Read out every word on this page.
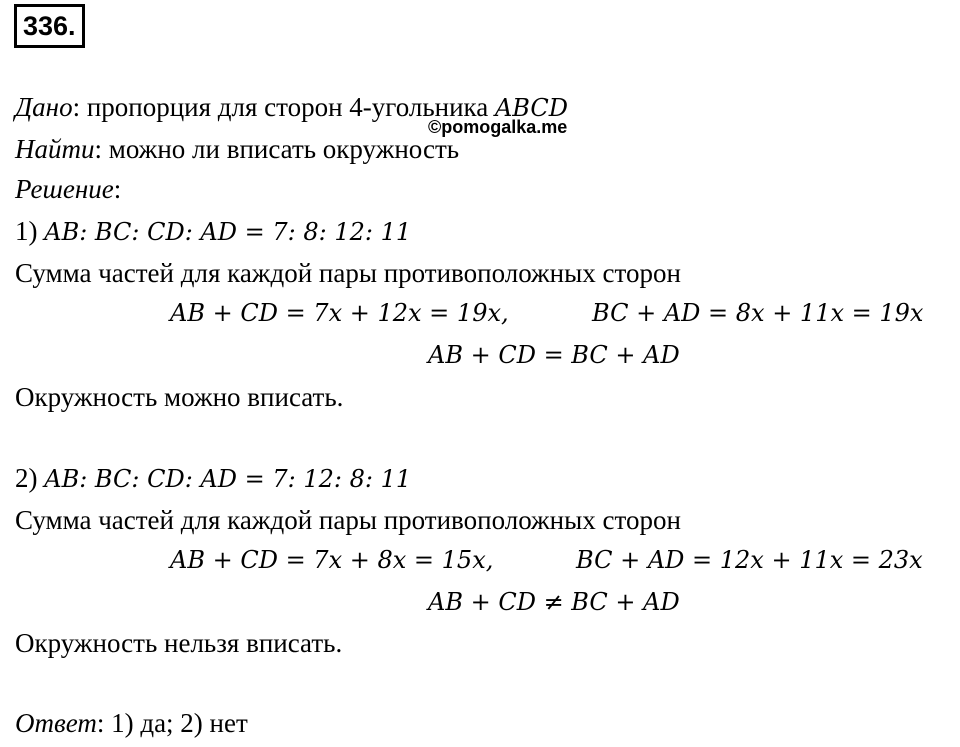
336.
©pomogalka.me
Дано: пропорция для сторон 4-угольника ABCD
Найти: можно ли вписать окружность
Решение:
1) AB: BC: CD: AD = 7: 8: 12: 11
Сумма частей для каждой пары противоположных сторон
AB + CD = 7x + 12x = 19x,	BC + AD = 8x + 11x = 19x
AB + CD = BC + AD
Окружность можно вписать.
2) AB: BC: CD: AD = 7: 12: 8: 11
Сумма частей для каждой пары противоположных сторон
AB + CD = 7x + 8x = 15x,	BC + AD = 12x + 11x = 23x
AB + CD ≠ BC + AD
Окружность нельзя вписать.
Ответ: 1) да; 2) нет
